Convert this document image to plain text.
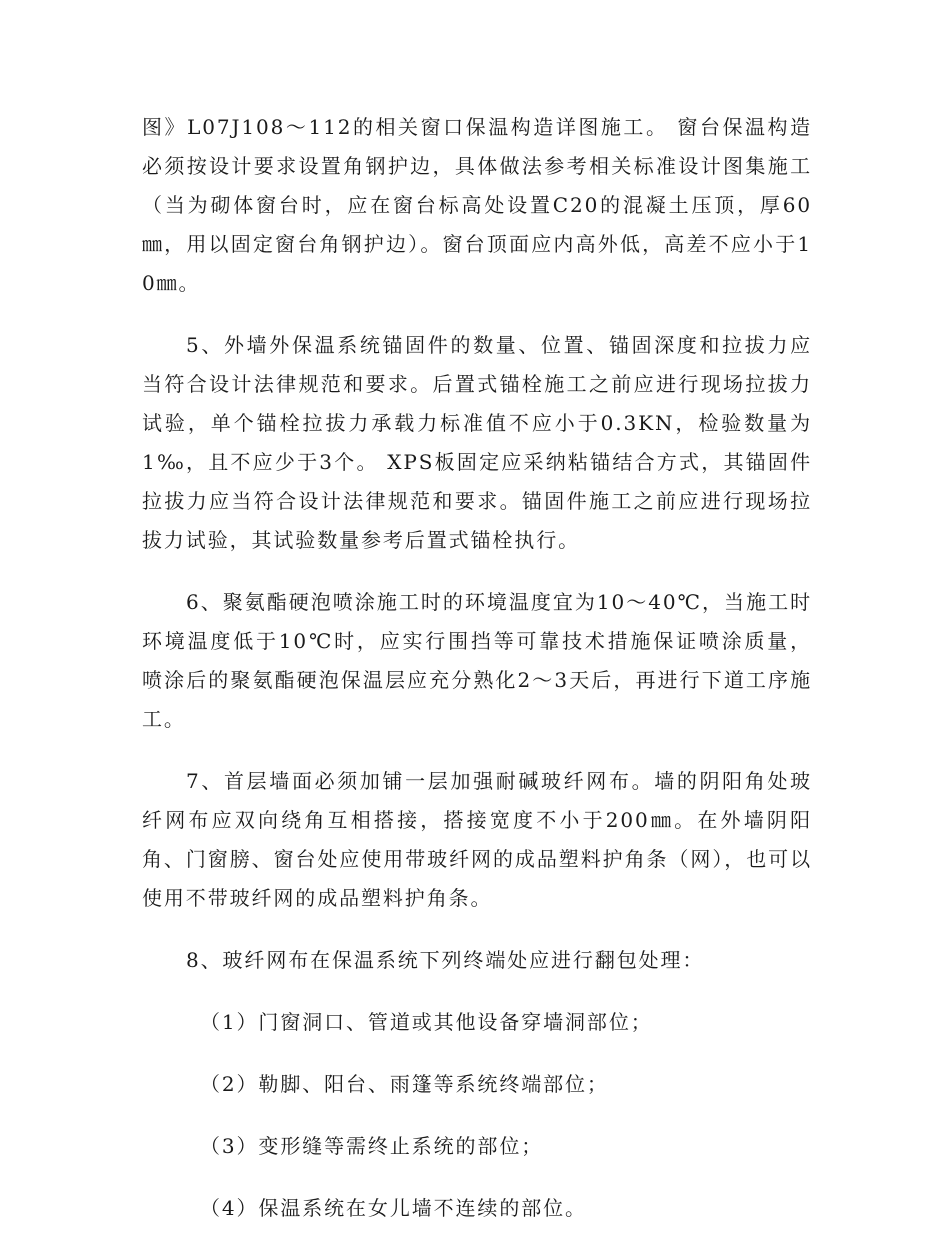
图》L07J108～112的相关窗口保温构造详图施工。 窗台保温构造必须按设计要求设置角钢护边，具体做法参考相关标准设计图集施工（当为砌体窗台时，应在窗台标高处设置C20的混凝土压顶，厚60㎜，用以固定窗台角钢护边）。窗台顶面应内高外低，高差不应小于10㎜。

5、外墙外保温系统锚固件的数量、位置、锚固深度和拉拔力应当符合设计法律规范和要求。后置式锚栓施工之前应进行现场拉拔力试验，单个锚栓拉拔力承载力标准值不应小于0.3KN，检验数量为1‰，且不应少于3个。 XPS板固定应采纳粘锚结合方式，其锚固件拉拔力应当符合设计法律规范和要求。锚固件施工之前应进行现场拉拔力试验，其试验数量参考后置式锚栓执行。

6、聚氨酯硬泡喷涂施工时的环境温度宜为10～40℃，当施工时环境温度低于10℃时，应实行围挡等可靠技术措施保证喷涂质量， 喷涂后的聚氨酯硬泡保温层应充分熟化2～3天后，再进行下道工序施工。

7、首层墙面必须加铺一层加强耐碱玻纤网布。墙的阴阳角处玻纤网布应双向绕角互相搭接，搭接宽度不小于200㎜。在外墙阴阳角、门窗膀、窗台处应使用带玻纤网的成品塑料护角条（网），也可以使用不带玻纤网的成品塑料护角条。

8、玻纤网布在保温系统下列终端处应进行翻包处理：

（1）门窗洞口、管道或其他设备穿墙洞部位；
（2）勒脚、阳台、雨篷等系统终端部位；
（3）变形缝等需终止系统的部位；
（4）保温系统在女儿墙不连续的部位。
